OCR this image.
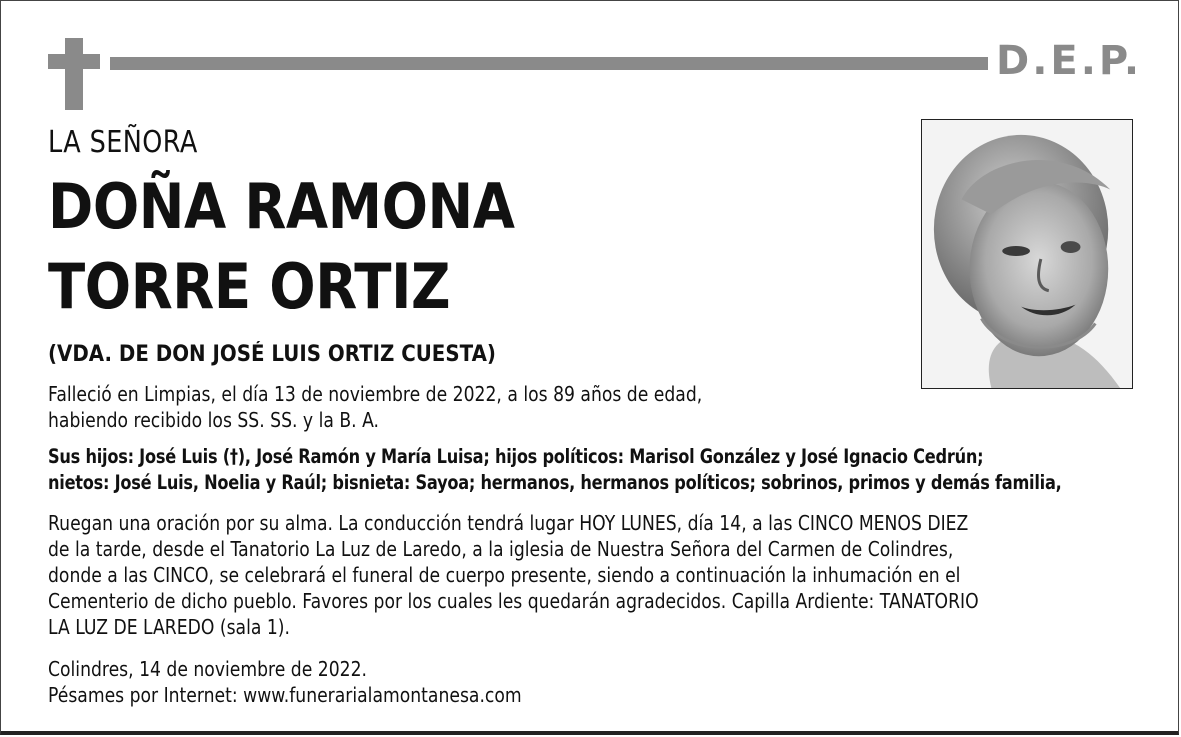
D.E.P.
LA SEÑORA
DOÑA RAMONA
TORRE ORTIZ
(VDA. DE DON JOSÉ LUIS ORTIZ CUESTA)
Falleció en Limpias, el día 13 de noviembre de 2022, a los 89 años de edad,
habiendo recibido los SS. SS. y la B. A.
Sus hijos: José Luis (†), José Ramón y María Luisa; hijos políticos: Marisol González y José Ignacio Cedrún;
nietos: José Luis, Noelia y Raúl; bisnieta: Sayoa; hermanos, hermanos políticos; sobrinos, primos y demás familia,
Ruegan una oración por su alma. La conducción tendrá lugar HOY LUNES, día 14, a las CINCO MENOS DIEZ
de la tarde, desde el Tanatorio La Luz de Laredo, a la iglesia de Nuestra Señora del Carmen de Colindres,
donde a las CINCO, se celebrará el funeral de cuerpo presente, siendo a continuación la inhumación en el
Cementerio de dicho pueblo. Favores por los cuales les quedarán agradecidos. Capilla Ardiente: TANATORIO
LA LUZ DE LAREDO (sala 1).
Colindres, 14 de noviembre de 2022.
Pésames por Internet: www.funerarialamontanesa.com
